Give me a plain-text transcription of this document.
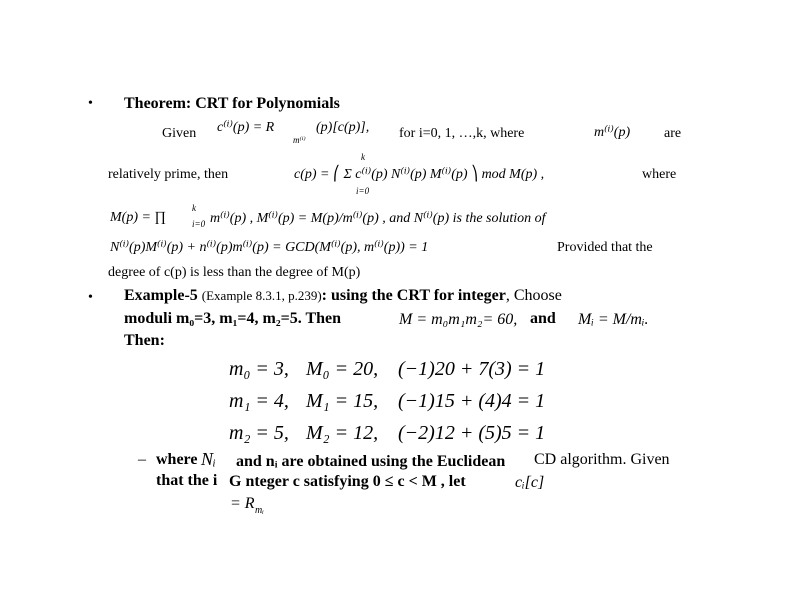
• Theorem: CRT for Polynomials
Given c⁽ⁱ⁾(p) = R
m⁽ⁱ⁾
(p)[c(p)], for i=0, 1, …,k, where	m⁽ⁱ⁾(p) are
relatively prime, then	c(p) = ⎛ Σ c⁽ⁱ⁾(p) N⁽ⁱ⁾(p) M⁽ⁱ⁾(p) ⎞ mod M(p) ,
k
i=0
where
M(p) = ∏
k
i=0 m⁽ⁱ⁾(p) , M⁽ⁱ⁾(p) = M(p)/m⁽ⁱ⁾(p) , and N⁽ⁱ⁾(p) is the solution of
N⁽ⁱ⁾(p)M⁽ⁱ⁾(p) + n⁽ⁱ⁾(p)m⁽ⁱ⁾(p) = GCD(M⁽ⁱ⁾(p), m⁽ⁱ⁾(p)) = 1	Provided that the
degree of c(p) is less than the degree of M(p)
• Example-5 (Example 8.3.1, p.239): using the CRT for integer, Choose
moduli m₀=3, m₁=4, m₂=5. Then	M = m₀m₁m₂= 60, and Mᵢ = M/mᵢ.
Then:
m₀ = 3, M₀ = 20, (−1)20 + 7(3) = 1
m₁ = 4, M₁ = 15, (−1)15 + (4)4 = 1
m₂ = 5, M₂ = 12, (−2)12 + (5)5 = 1
– where Nᵢ and nᵢ are obtained using the Euclidean CD algorithm. Given
that the i G nteger c satisfying 0 ≤ c < M , let	cᵢ[c]
= R mᵢ
